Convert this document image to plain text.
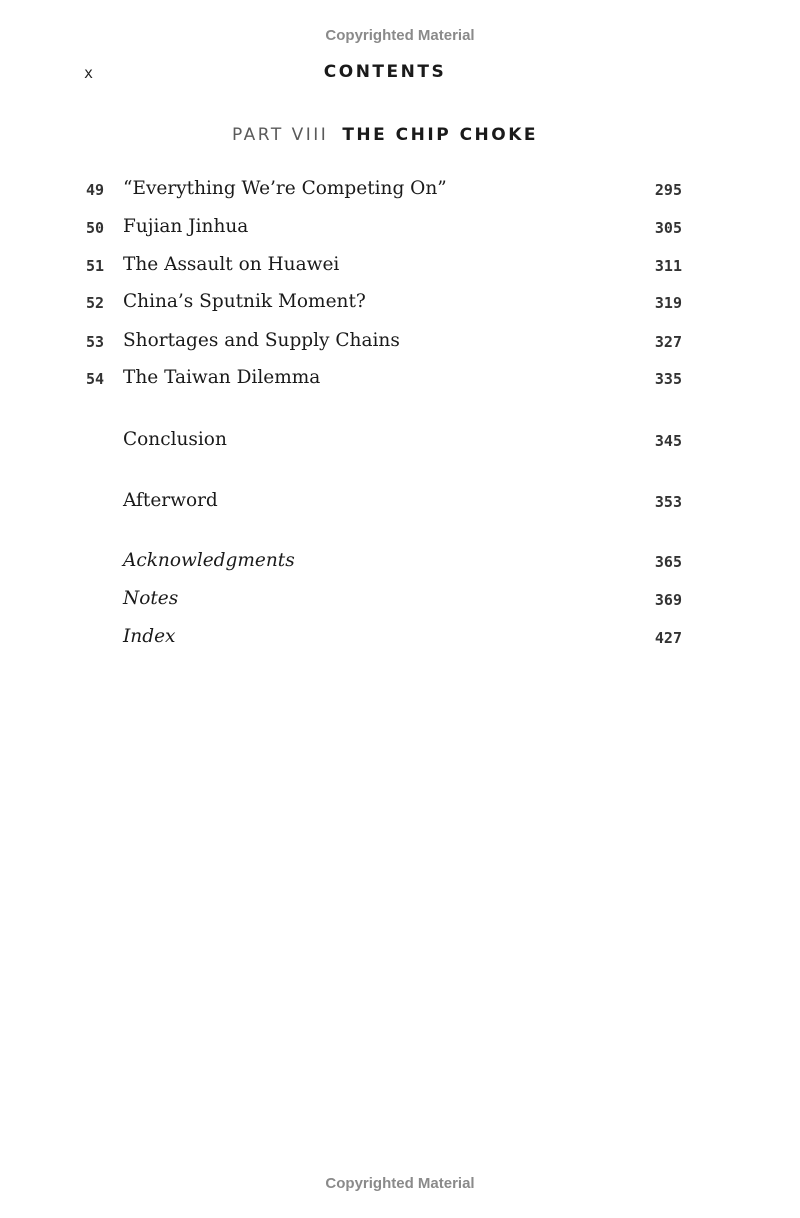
Copyrighted Material
x	CONTENTS
PART VIII THE CHIP CHOKE
49 “Everything We’re Competing On”	295
50 Fujian Jinhua	305
51 The Assault on Huawei	311
52 China’s Sputnik Moment?	319
53 Shortages and Supply Chains	327
54 The Taiwan Dilemma	335
Conclusion	345
Afterword	353
Acknowledgments	365
Notes	369
Index	427
Copyrighted Material
